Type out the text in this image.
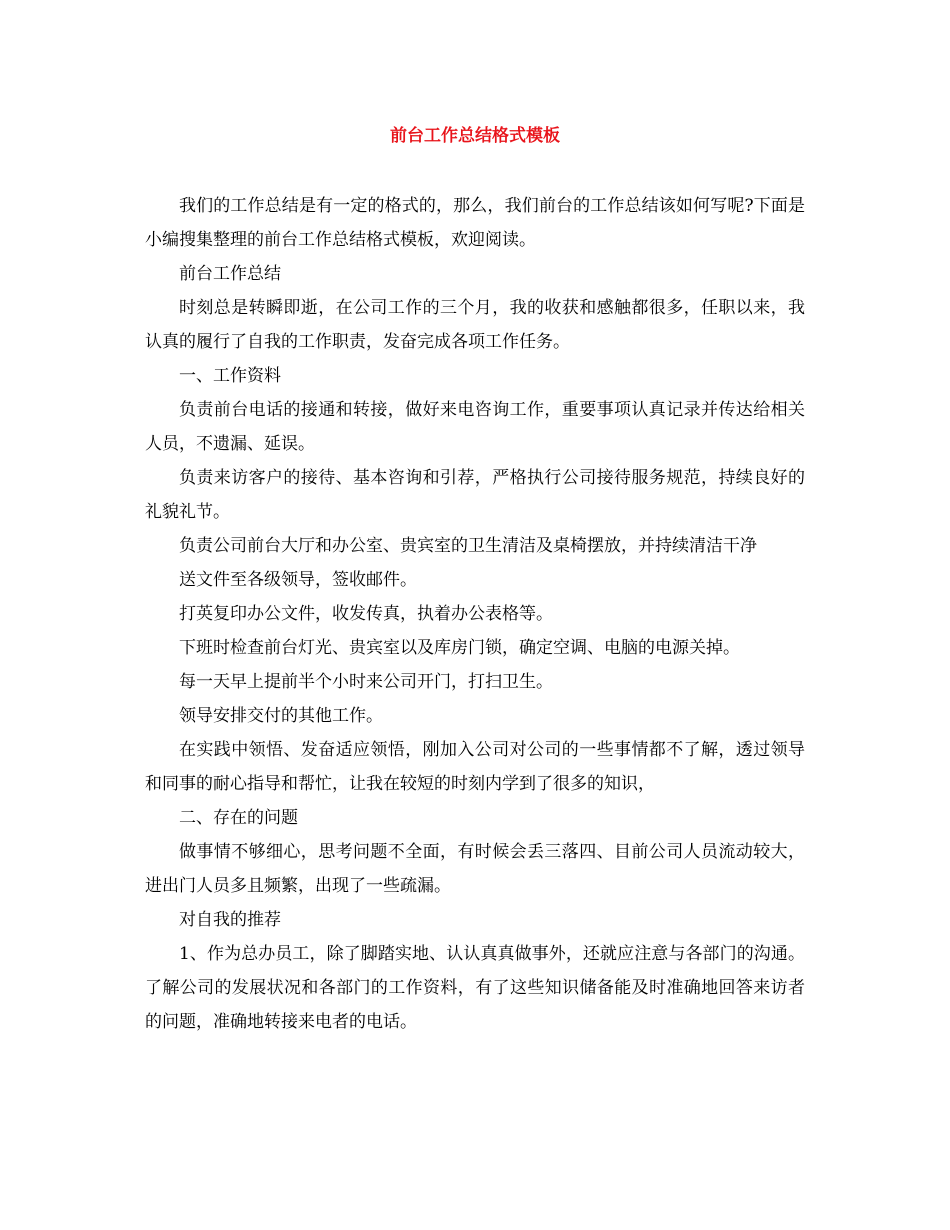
前台工作总结格式模板

我们的工作总结是有一定的格式的，那么，我们前台的工作总结该如何写呢?下面是小编搜集整理的前台工作总结格式模板，欢迎阅读。

前台工作总结

时刻总是转瞬即逝，在公司工作的三个月，我的收获和感触都很多，任职以来，我认真的履行了自我的工作职责，发奋完成各项工作任务。

一、工作资料

负责前台电话的接通和转接，做好来电咨询工作，重要事项认真记录并传达给相关人员，不遗漏、延误。

负责来访客户的接待、基本咨询和引荐，严格执行公司接待服务规范，持续良好的礼貌礼节。

负责公司前台大厅和办公室、贵宾室的卫生清洁及桌椅摆放，并持续清洁干净

送文件至各级领导，签收邮件。

打英复印办公文件，收发传真，执着办公表格等。

下班时检查前台灯光、贵宾室以及库房门锁，确定空调、电脑的电源关掉。

每一天早上提前半个小时来公司开门，打扫卫生。

领导安排交付的其他工作。

在实践中领悟、发奋适应领悟，刚加入公司对公司的一些事情都不了解，透过领导和同事的耐心指导和帮忙，让我在较短的时刻内学到了很多的知识，

二、存在的问题

做事情不够细心，思考问题不全面，有时候会丢三落四、目前公司人员流动较大，进出门人员多且频繁，出现了一些疏漏。

对自我的推荐

1、作为总办员工，除了脚踏实地、认认真真做事外，还就应注意与各部门的沟通。了解公司的发展状况和各部门的工作资料，有了这些知识储备能及时准确地回答来访者的问题，准确地转接来电者的电话。
